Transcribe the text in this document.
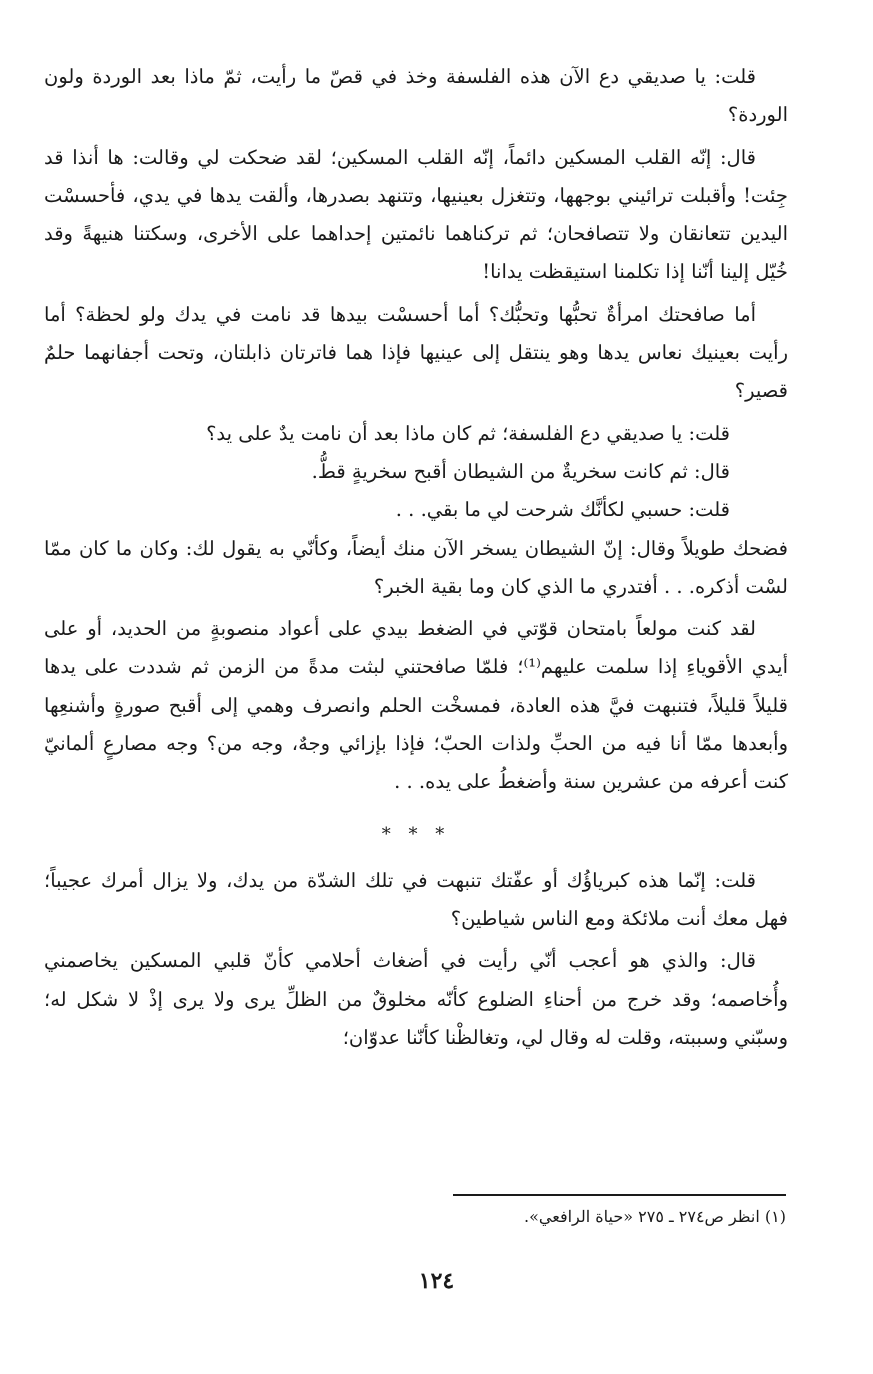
قلت: يا صديقي دع الآن هذه الفلسفة وخذ في قصّ ما رأيت، ثمّ ماذا بعد الوردة ولون الوردة؟

قال: إنّه القلب المسكين دائماً، إنّه القلب المسكين؛ لقد ضحكت لي وقالت: ها أنذا قد جِئت! وأقبلت ترائيني بوجهها، وتتغزل بعينيها، وتتنهد بصدرها، وألقت يدها في يدي، فأحسسْت اليدين تتعانقان ولا تتصافحان؛ ثم تركناهما نائمتين إحداهما على الأخرى، وسكتنا هنيهةً وقد خُيّل إلينا أنّنا إذا تكلمنا استيقظت يدانا!

أما صافحتك امرأةٌ تحبُّها وتحبُّك؟ أما أحسسْت بيدها قد نامت في يدك ولو لحظة؟ أما رأيت بعينيك نعاس يدها وهو ينتقل إلى عينيها فإذا هما فاترتان ذابلتان، وتحت أجفانهما حلمٌ قصير؟

قلت: يا صديقي دع الفلسفة؛ ثم كان ماذا بعد أن نامت يدٌ على يد؟

قال: ثم كانت سخريةٌ من الشيطان أقبح سخريةٍ قطُّ.

قلت: حسبي لكأنَّك شرحت لي ما بقي. . .

فضحك طويلاً وقال: إنّ الشيطان يسخر الآن منك أيضاً، وكأنّي به يقول لك: وكان ما كان ممّا لسْت أذكره. . . أفتدري ما الذي كان وما بقية الخبر؟

لقد كنت مولعاً بامتحان قوّتي في الضغط بيدي على أعواد منصوبةٍ من الحديد، أو على أيدي الأقوياءِ إذا سلمت عليهم⁽¹⁾؛ فلمّا صافحتني لبثت مدةً من الزمن ثم شددت على يدها قليلاً قليلاً، فتنبهت فيَّ هذه العادة، فمسخْت الحلم وانصرف وهمي إلى أقبح صورةٍ وأشنعِها وأبعدها ممّا أنا فيه من الحبِّ ولذات الحبّ؛ فإذا بإزائي وجهٌ، وجه من؟ وجه مصارعٍ ألمانيّ كنت أعرفه من عشرين سنة وأضغطُ على يده. . .

* * *

قلت: إنّما هذه كبرياؤُك أو عفّتك تنبهت في تلك الشدّة من يدك، ولا يزال أمرك عجيباً؛ فهل معك أنت ملائكة ومع الناس شياطين؟

قال: والذي هو أعجب أنّي رأيت في أضغاث أحلامي كأنّ قلبي المسكين يخاصمني وأُخاصمه؛ وقد خرج من أحناءِ الضلوع كأنّه مخلوقٌ من الظلِّ يرى ولا يرى إذْ لا شكل له؛ وسبّني وسببته، وقلت له وقال لي، وتغالظْنا كأنّنا عدوّان؛

(١) انظر ص٢٧٤ ـ ٢٧٥ «حياة الرافعي».
١٢٤
